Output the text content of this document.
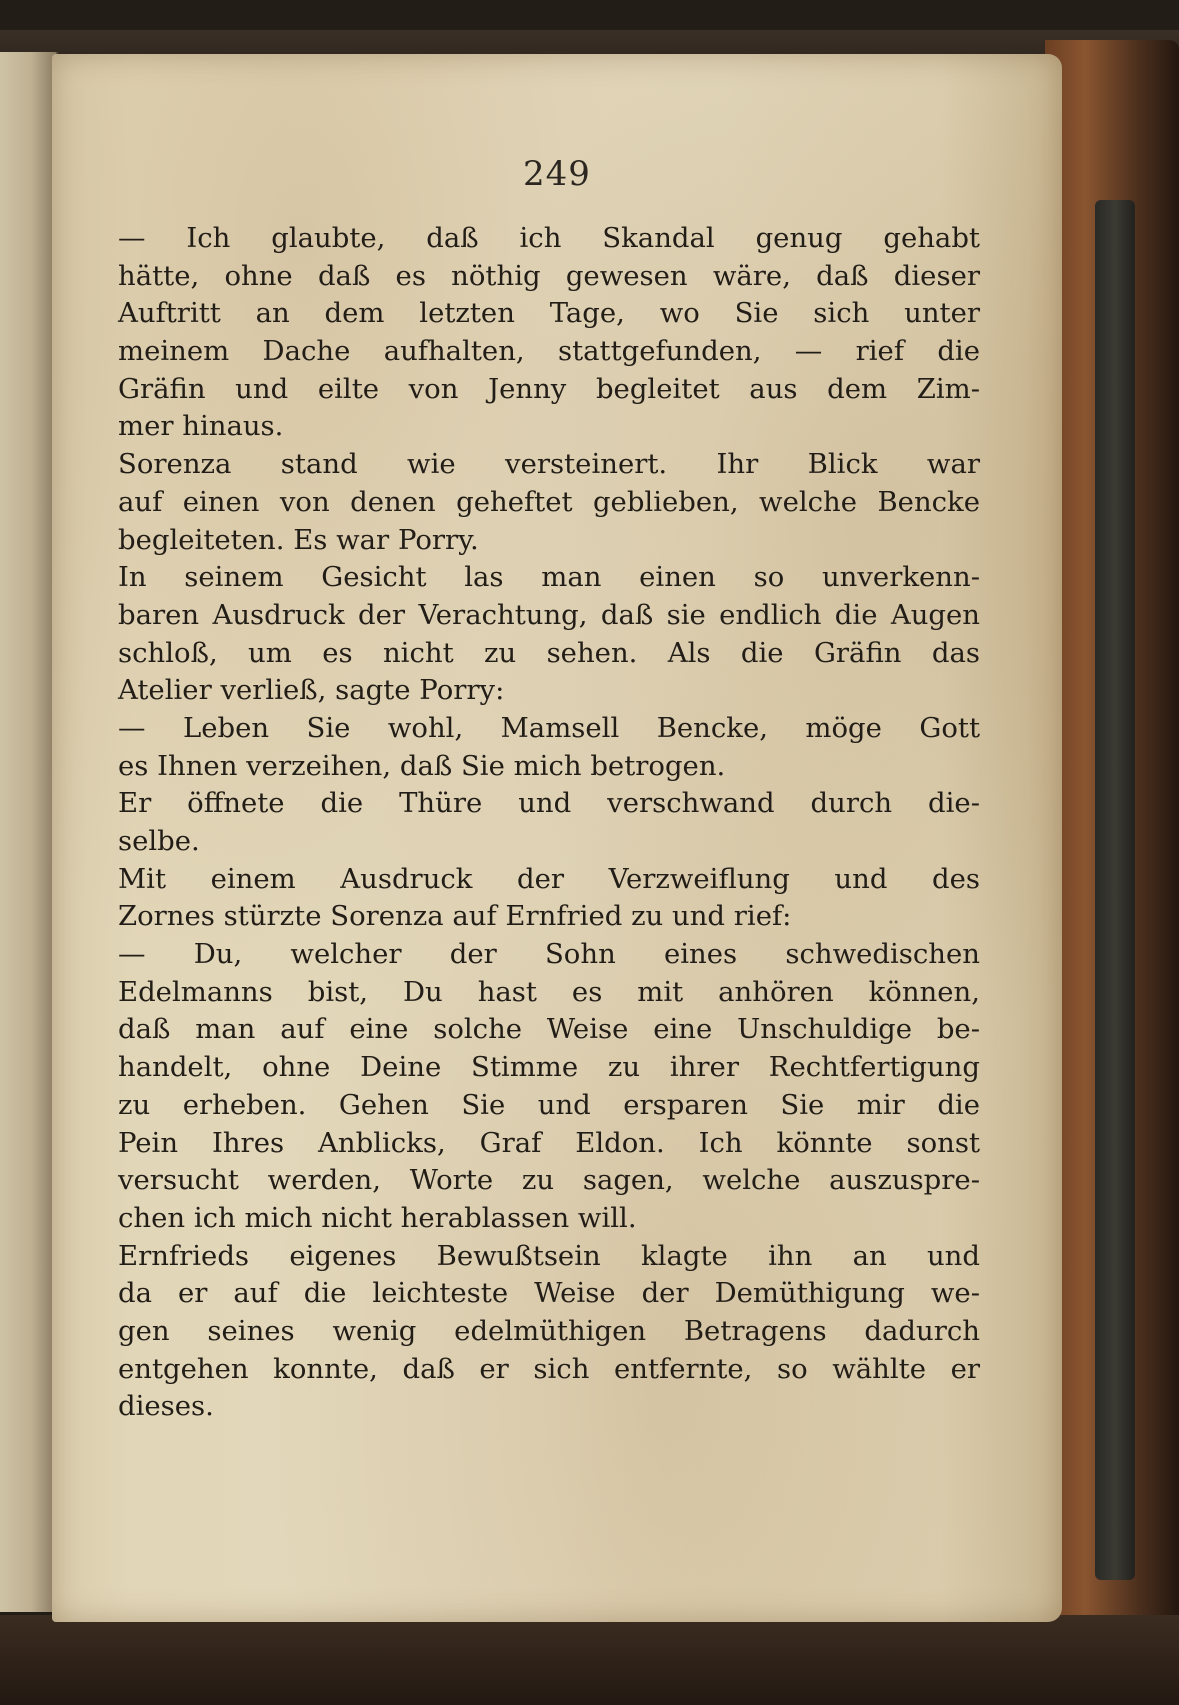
249
— Ich glaubte, daß ich Skandal genug gehabt
hätte, ohne daß es nöthig gewesen wäre, daß dieser
Auftritt an dem letzten Tage, wo Sie sich unter
meinem Dache aufhalten, stattgefunden, — rief die
Gräfin und eilte von Jenny begleitet aus dem Zim-
mer hinaus.
Sorenza stand wie versteinert. Ihr Blick war
auf einen von denen geheftet geblieben, welche Bencke
begleiteten. Es war Porry.
In seinem Gesicht las man einen so unverkenn-
baren Ausdruck der Verachtung, daß sie endlich die Augen
schloß, um es nicht zu sehen. Als die Gräfin das
Atelier verließ, sagte Porry:
— Leben Sie wohl, Mamsell Bencke, möge Gott
es Ihnen verzeihen, daß Sie mich betrogen.
Er öffnete die Thüre und verschwand durch die-
selbe.
Mit einem Ausdruck der Verzweiflung und des
Zornes stürzte Sorenza auf Ernfried zu und rief:
— Du, welcher der Sohn eines schwedischen
Edelmanns bist, Du hast es mit anhören können,
daß man auf eine solche Weise eine Unschuldige be-
handelt, ohne Deine Stimme zu ihrer Rechtfertigung
zu erheben. Gehen Sie und ersparen Sie mir die
Pein Ihres Anblicks, Graf Eldon. Ich könnte sonst
versucht werden, Worte zu sagen, welche auszuspre-
chen ich mich nicht herablassen will.
Ernfrieds eigenes Bewußtsein klagte ihn an und
da er auf die leichteste Weise der Demüthigung we-
gen seines wenig edelmüthigen Betragens dadurch
entgehen konnte, daß er sich entfernte, so wählte er
dieses.
